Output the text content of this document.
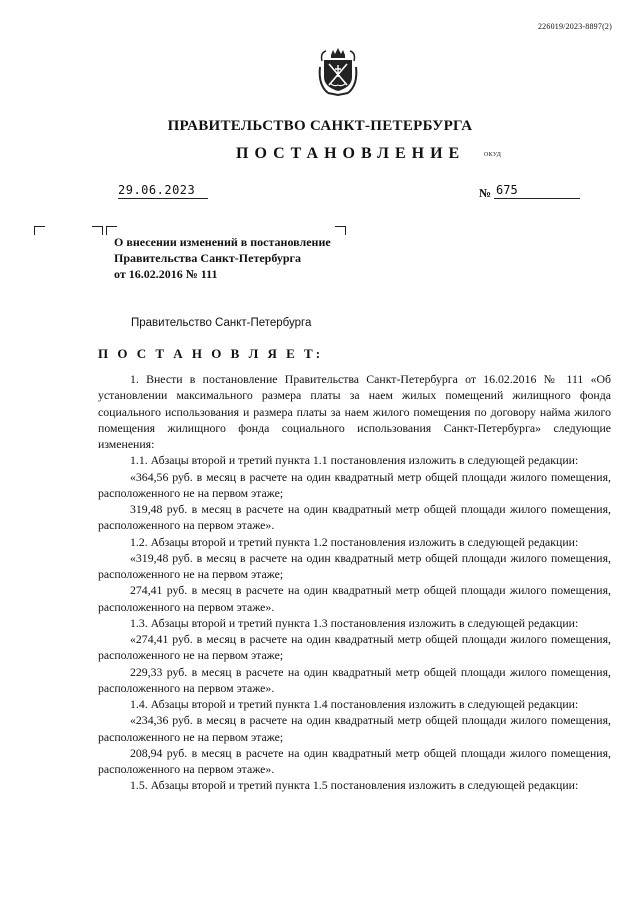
226019/2023-8897(2)
ПРАВИТЕЛЬСТВО САНКТ-ПЕТЕРБУРГА
ПОСТАНОВЛЕНИЕ	ОКУД
29.06.2023	№ 675
О внесении изменений в постановление
Правительства Санкт-Петербурга
от 16.02.2016 № 111
Правительство Санкт-Петербурга
П О С Т А Н О В Л Я Е Т:

1. Внести в постановление Правительства Санкт-Петербурга от 16.02.2016 № 111 «Об установлении максимального размера платы за наем жилых помещений жилищного фонда социального использования и размера платы за наем жилого помещения по договору найма жилого помещения жилищного фонда социального использования Санкт-Петербурга» следующие изменения:

1.1. Абзацы второй и третий пункта 1.1 постановления изложить в следующей редакции:

«364,56 руб. в месяц в расчете на один квадратный метр общей площади жилого помещения, расположенного не на первом этаже;

319,48 руб. в месяц в расчете на один квадратный метр общей площади жилого помещения, расположенного на первом этаже».

1.2. Абзацы второй и третий пункта 1.2 постановления изложить в следующей редакции:

«319,48 руб. в месяц в расчете на один квадратный метр общей площади жилого помещения, расположенного не на первом этаже;

274,41 руб. в месяц в расчете на один квадратный метр общей площади жилого помещения, расположенного на первом этаже».

1.3. Абзацы второй и третий пункта 1.3 постановления изложить в следующей редакции:

«274,41 руб. в месяц в расчете на один квадратный метр общей площади жилого помещения, расположенного не на первом этаже;

229,33 руб. в месяц в расчете на один квадратный метр общей площади жилого помещения, расположенного на первом этаже».

1.4. Абзацы второй и третий пункта 1.4 постановления изложить в следующей редакции:

«234,36 руб. в месяц в расчете на один квадратный метр общей площади жилого помещения, расположенного не на первом этаже;

208,94 руб. в месяц в расчете на один квадратный метр общей площади жилого помещения, расположенного на первом этаже».

1.5. Абзацы второй и третий пункта 1.5 постановления изложить в следующей редакции:
